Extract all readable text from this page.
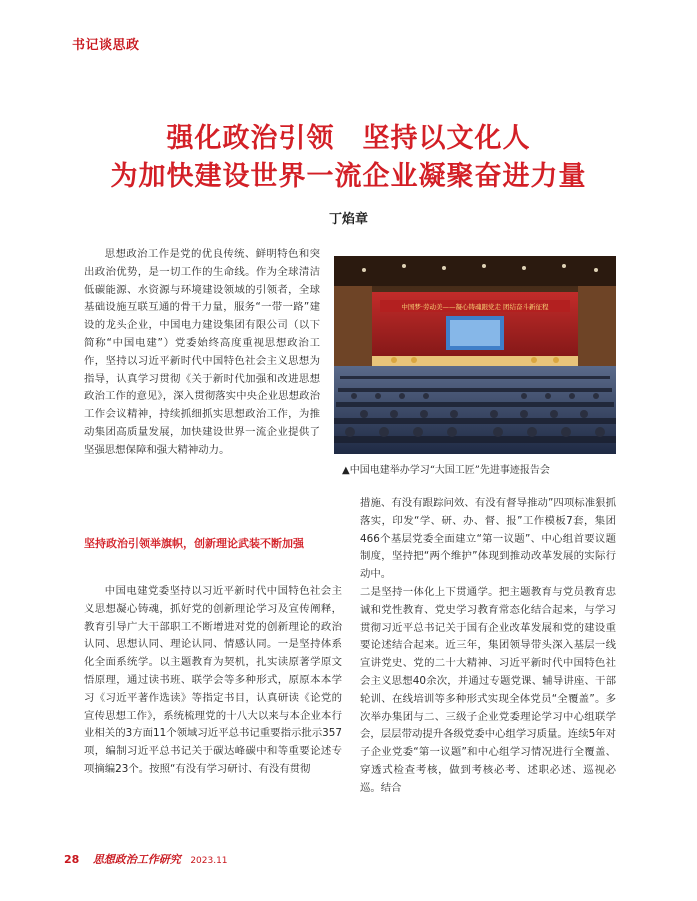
书记谈思政
强化政治引领　坚持以文化人
为加快建设世界一流企业凝聚奋进力量
丁焰章

思想政治工作是党的优良传统、鲜明特色和突出政治优势，是一切工作的生命线。作为全球清洁低碳能源、水资源与环境建设领域的引领者，全球基础设施互联互通的骨干力量，服务“一带一路”建设的龙头企业，中国电力建设集团有限公司（以下简称“中国电建”）党委始终高度重视思想政治工作，坚持以习近平新时代中国特色社会主义思想为指导，认真学习贯彻《关于新时代加强和改进思想政治工作的意见》，深入贯彻落实中央企业思想政治工作会议精神，持续抓细抓实思想政治工作，为推动集团高质量发展，加快建设世界一流企业提供了坚强思想保障和强大精神动力。

中国梦·劳动美——凝心铸魂跟党走 团结奋斗新征程
▲中国电建举办学习“大国工匠”先进事迹报告会
坚持政治引领举旗帜，创新理论武装不断加强

中国电建党委坚持以习近平新时代中国特色社会主义思想凝心铸魂，抓好党的创新理论学习及宣传阐释，教育引导广大干部职工不断增进对党的创新理论的政治认同、思想认同、理论认同、情感认同。一是坚持体系化全面系统学。以主题教育为契机，扎实读原著学原文悟原理，通过读书班、联学会等多种形式，原原本本学习《习近平著作选读》等指定书目，认真研读《论党的宣传思想工作》，系统梳理党的十八大以来与本企业本行业相关的3方面11个领域习近平总书记重要指示批示357项，编制习近平总书记关于碳达峰碳中和等重要论述专项摘编23个。按照“有没有学习研讨、有没有贯彻

措施、有没有跟踪问效、有没有督导推动”四项标准狠抓落实，印发“学、研、办、督、报”工作模板7套，集团466个基层党委全面建立“第一议题”、中心组首要议题制度，坚持把“两个维护”体现到推动改革发展的实际行动中。

二是坚持一体化上下贯通学。把主题教育与党员教育忠诚和党性教育、党史学习教育常态化结合起来，与学习贯彻习近平总书记关于国有企业改革发展和党的建设重要论述结合起来。近三年，集团领导带头深入基层一线宣讲党史、党的二十大精神、习近平新时代中国特色社会主义思想40余次，并通过专题党课、辅导讲座、干部轮训、在线培训等多种形式实现全体党员“全覆盖”。多次举办集团与二、三级子企业党委理论学习中心组联学会，层层带动提升各级党委中心组学习质量。连续5年对子企业党委“第一议题”和中心组学习情况进行全覆盖、穿透式检查考核，做到考核必考、述职必述、巡视必巡。结合

28 思想政治工作研究 2023.11
